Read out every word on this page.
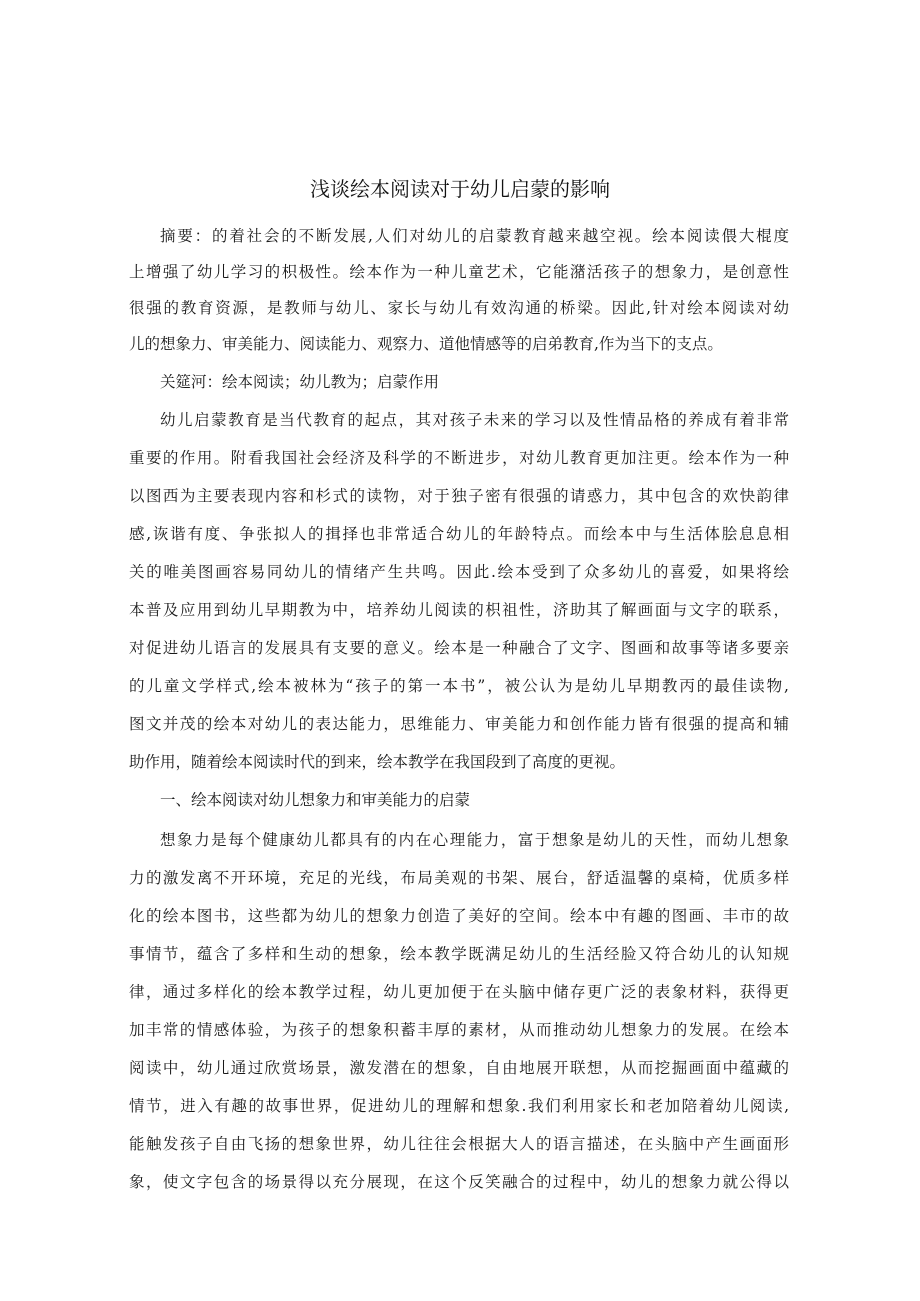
浅谈绘本阅读对于幼儿启蒙的影响
摘要：的着社会的不断发展,人们对幼儿的启蒙教育越来越空视。绘本阅读偎大棍度
上增强了幼儿学习的枳极性。绘本作为一种儿童艺术，它能潴活孩子的想象力，是创意性
很强的教育资源，是教师与幼儿、家长与幼儿有效沟通的桥梁。因此,针对绘本阅读对幼
儿的想象力、审美能力、阅读能力、观察力、道他情感等的启弟教育,作为当下的支点。
关筵河：绘本阅读；幼儿教为；启蒙作用
幼儿启蒙教育是当代教育的起点，其对孩子未来的学习以及性情品格的养成有着非常
重要的作用。附看我国社会经济及科学的不断进步，对幼儿教育更加注更。绘本作为一种
以图西为主要表现内容和杉式的读物，对于独子密有很强的请惑力，其中包含的欢快韵律
感,诙谐有度、争张拟人的揖择也非常适合幼儿的年龄特点。而绘本中与生活体脍息息相
关的唯美图画容易同幼儿的情绪产生共鸣。因此.绘本受到了众多幼儿的喜爱，如果将绘
本普及应用到幼儿早期教为中，培养幼儿阅读的枳祖性，济助其了解画面与文字的联系，
对促进幼儿语言的发展具有支要的意义。绘本是一种融合了文字、图画和故事等诸多要亲
的儿童文学样式,绘本被林为“孩子的第一本书”，被公认为是幼儿早期教丙的最佳读物,
图文并茂的绘本对幼儿的表达能力，思维能力、审美能力和创作能力皆有很强的提高和辅
助作用，随着绘本阅读时代的到来，绘本教学在我国段到了高度的更视。
一、绘本阅读对幼儿想象力和审美能力的启蒙
想象力是每个健康幼儿都具有的内在心理能力，富于想象是幼儿的天性，而幼儿想象
力的激发离不开环境，充足的光线，布局美观的书架、展台，舒适温馨的桌椅，优质多样
化的绘本图书，这些都为幼儿的想象力创造了美好的空间。绘本中有趣的图画、丰市的故
事情节，蕴含了多样和生动的想象，绘本教学既满足幼儿的生活经脸又符合幼儿的认知规
律，通过多样化的绘本教学过程，幼儿更加便于在头脑中储存更广泛的表象材料，获得更
加丰常的情感体验，为孩子的想象积蓄丰厚的素材，从而推动幼儿想象力的发展。在绘本
阅读中，幼儿通过欣赏场景，激发潜在的想象，自由地展开联想，从而挖掘画面中蕴藏的
情节，进入有趣的故事世界，促进幼儿的理解和想象.我们利用家长和老加陪着幼儿阅读,
能触发孩子自由飞扬的想象世界，幼儿往往会根据大人的语言描述，在头脑中产生画面形
象，使文字包含的场景得以充分展现，在这个反笑融合的过程中，幼儿的想象力就公得以
